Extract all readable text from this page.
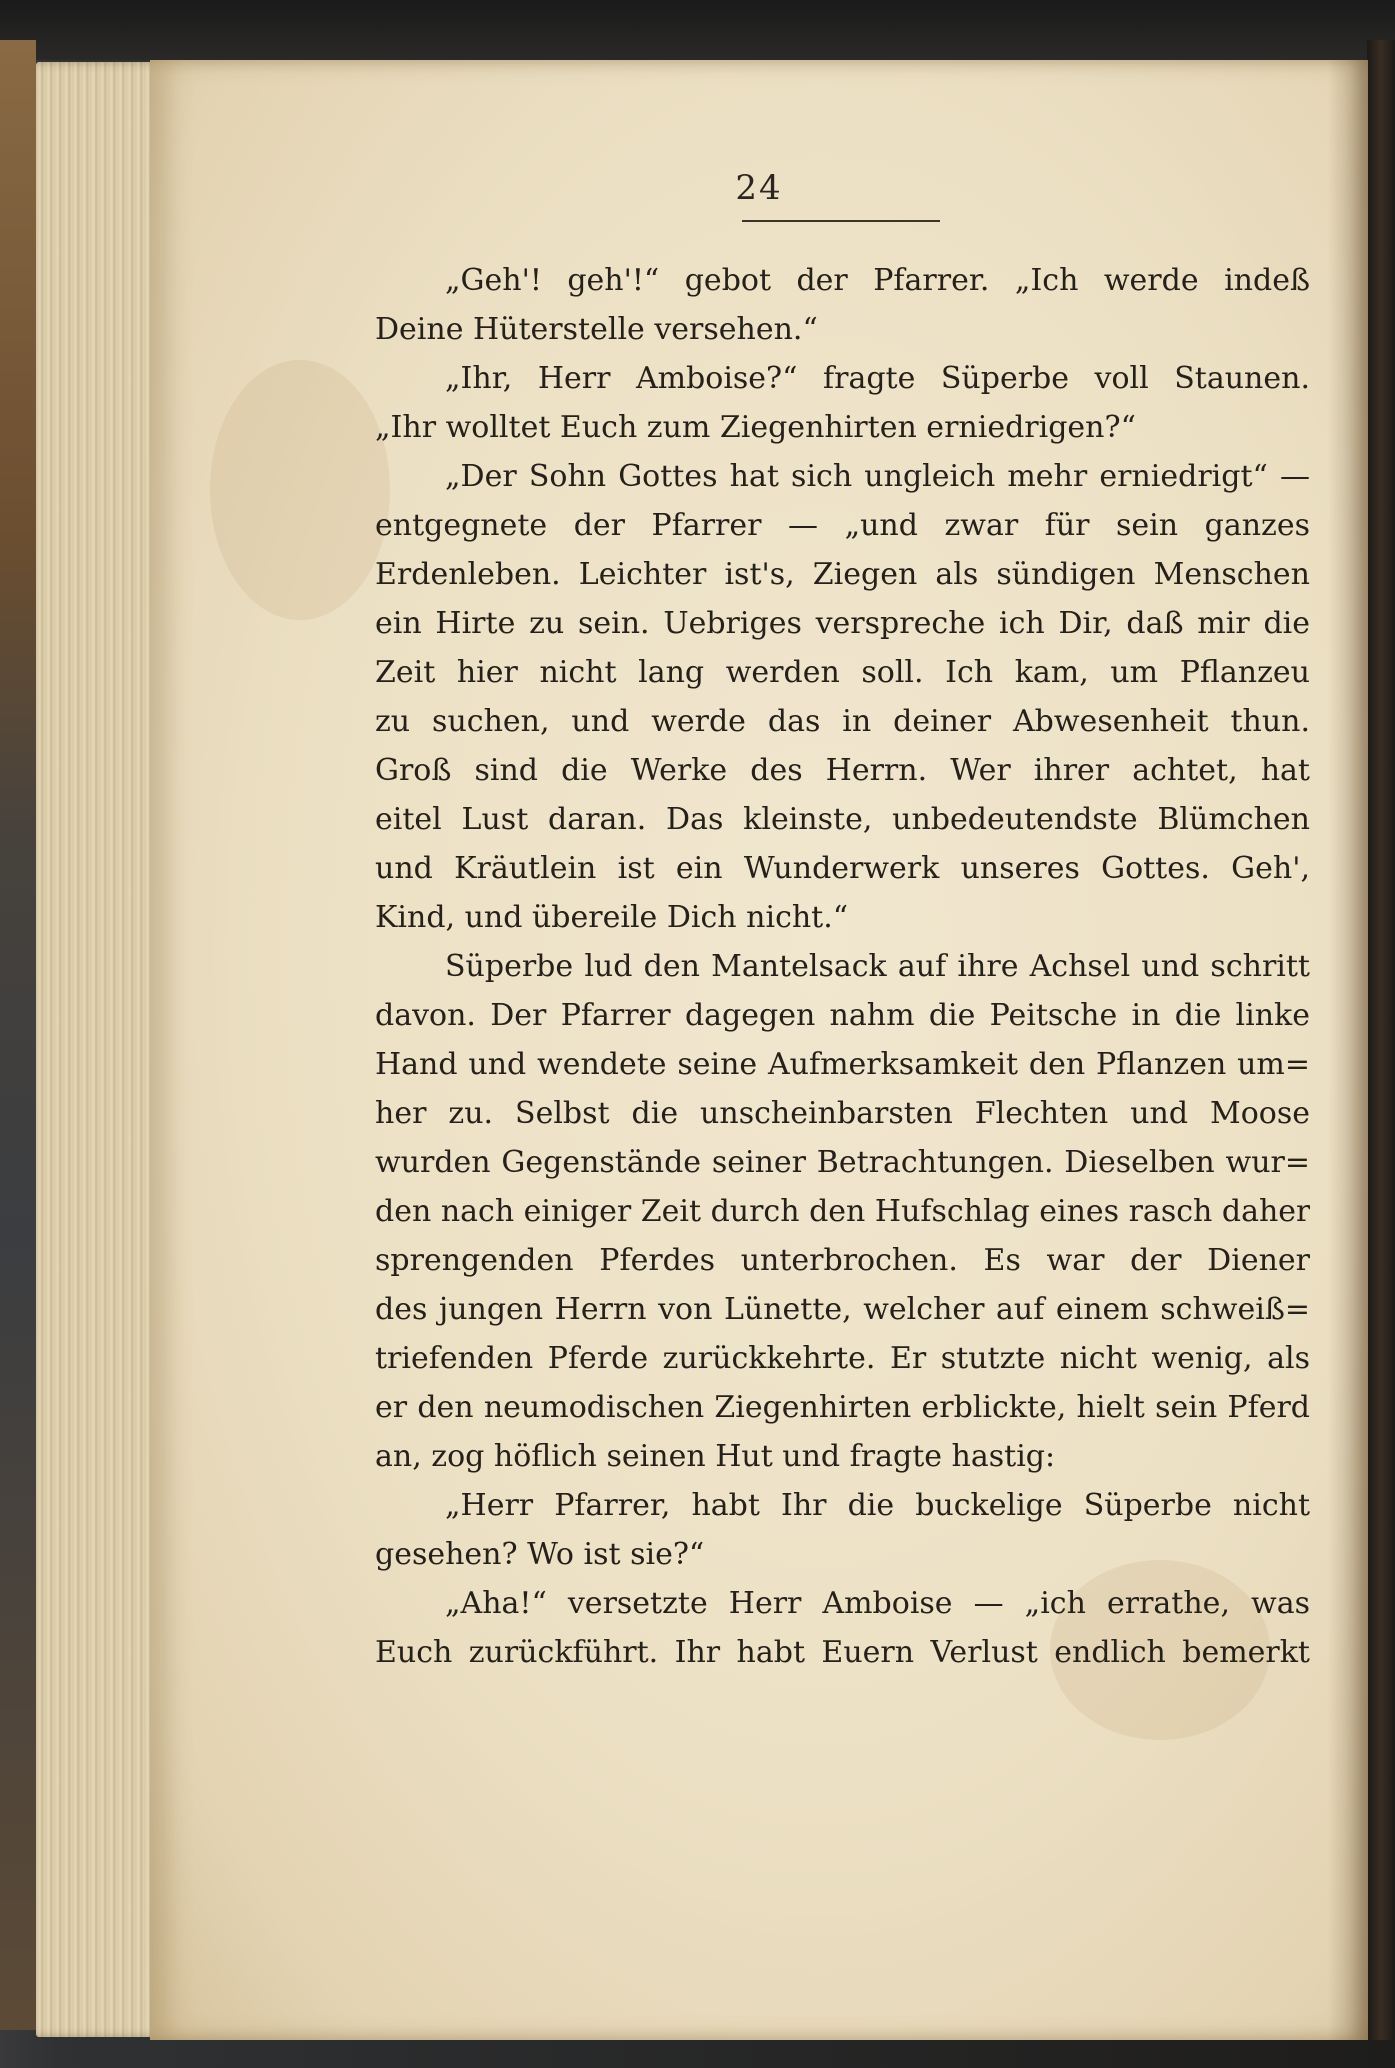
24
„Geh'! geh'!“ gebot der Pfarrer. „Ich werde indeß
Deine Hüterstelle versehen.“
„Ihr, Herr Amboise?“ fragte Süperbe voll Staunen.
„Ihr wolltet Euch zum Ziegenhirten erniedrigen?“
„Der Sohn Gottes hat sich ungleich mehr erniedrigt“ —
entgegnete der Pfarrer — „und zwar für sein ganzes
Erdenleben. Leichter ist's, Ziegen als sündigen Menschen
ein Hirte zu sein. Uebriges verspreche ich Dir, daß mir die
Zeit hier nicht lang werden soll. Ich kam, um Pflanzeu
zu suchen, und werde das in deiner Abwesenheit thun.
Groß sind die Werke des Herrn. Wer ihrer achtet, hat
eitel Lust daran. Das kleinste, unbedeutendste Blümchen
und Kräutlein ist ein Wunderwerk unseres Gottes. Geh',
Kind, und übereile Dich nicht.“
Süperbe lud den Mantelsack auf ihre Achsel und schritt
davon. Der Pfarrer dagegen nahm die Peitsche in die linke
Hand und wendete seine Aufmerksamkeit den Pflanzen um=
her zu. Selbst die unscheinbarsten Flechten und Moose
wurden Gegenstände seiner Betrachtungen. Dieselben wur=
den nach einiger Zeit durch den Hufschlag eines rasch daher
sprengenden Pferdes unterbrochen. Es war der Diener
des jungen Herrn von Lünette, welcher auf einem schweiß=
triefenden Pferde zurückkehrte. Er stutzte nicht wenig, als
er den neumodischen Ziegenhirten erblickte, hielt sein Pferd
an, zog höflich seinen Hut und fragte hastig:
„Herr Pfarrer, habt Ihr die buckelige Süperbe nicht
gesehen? Wo ist sie?“
„Aha!“ versetzte Herr Amboise — „ich errathe, was
Euch zurückführt. Ihr habt Euern Verlust endlich bemerkt
